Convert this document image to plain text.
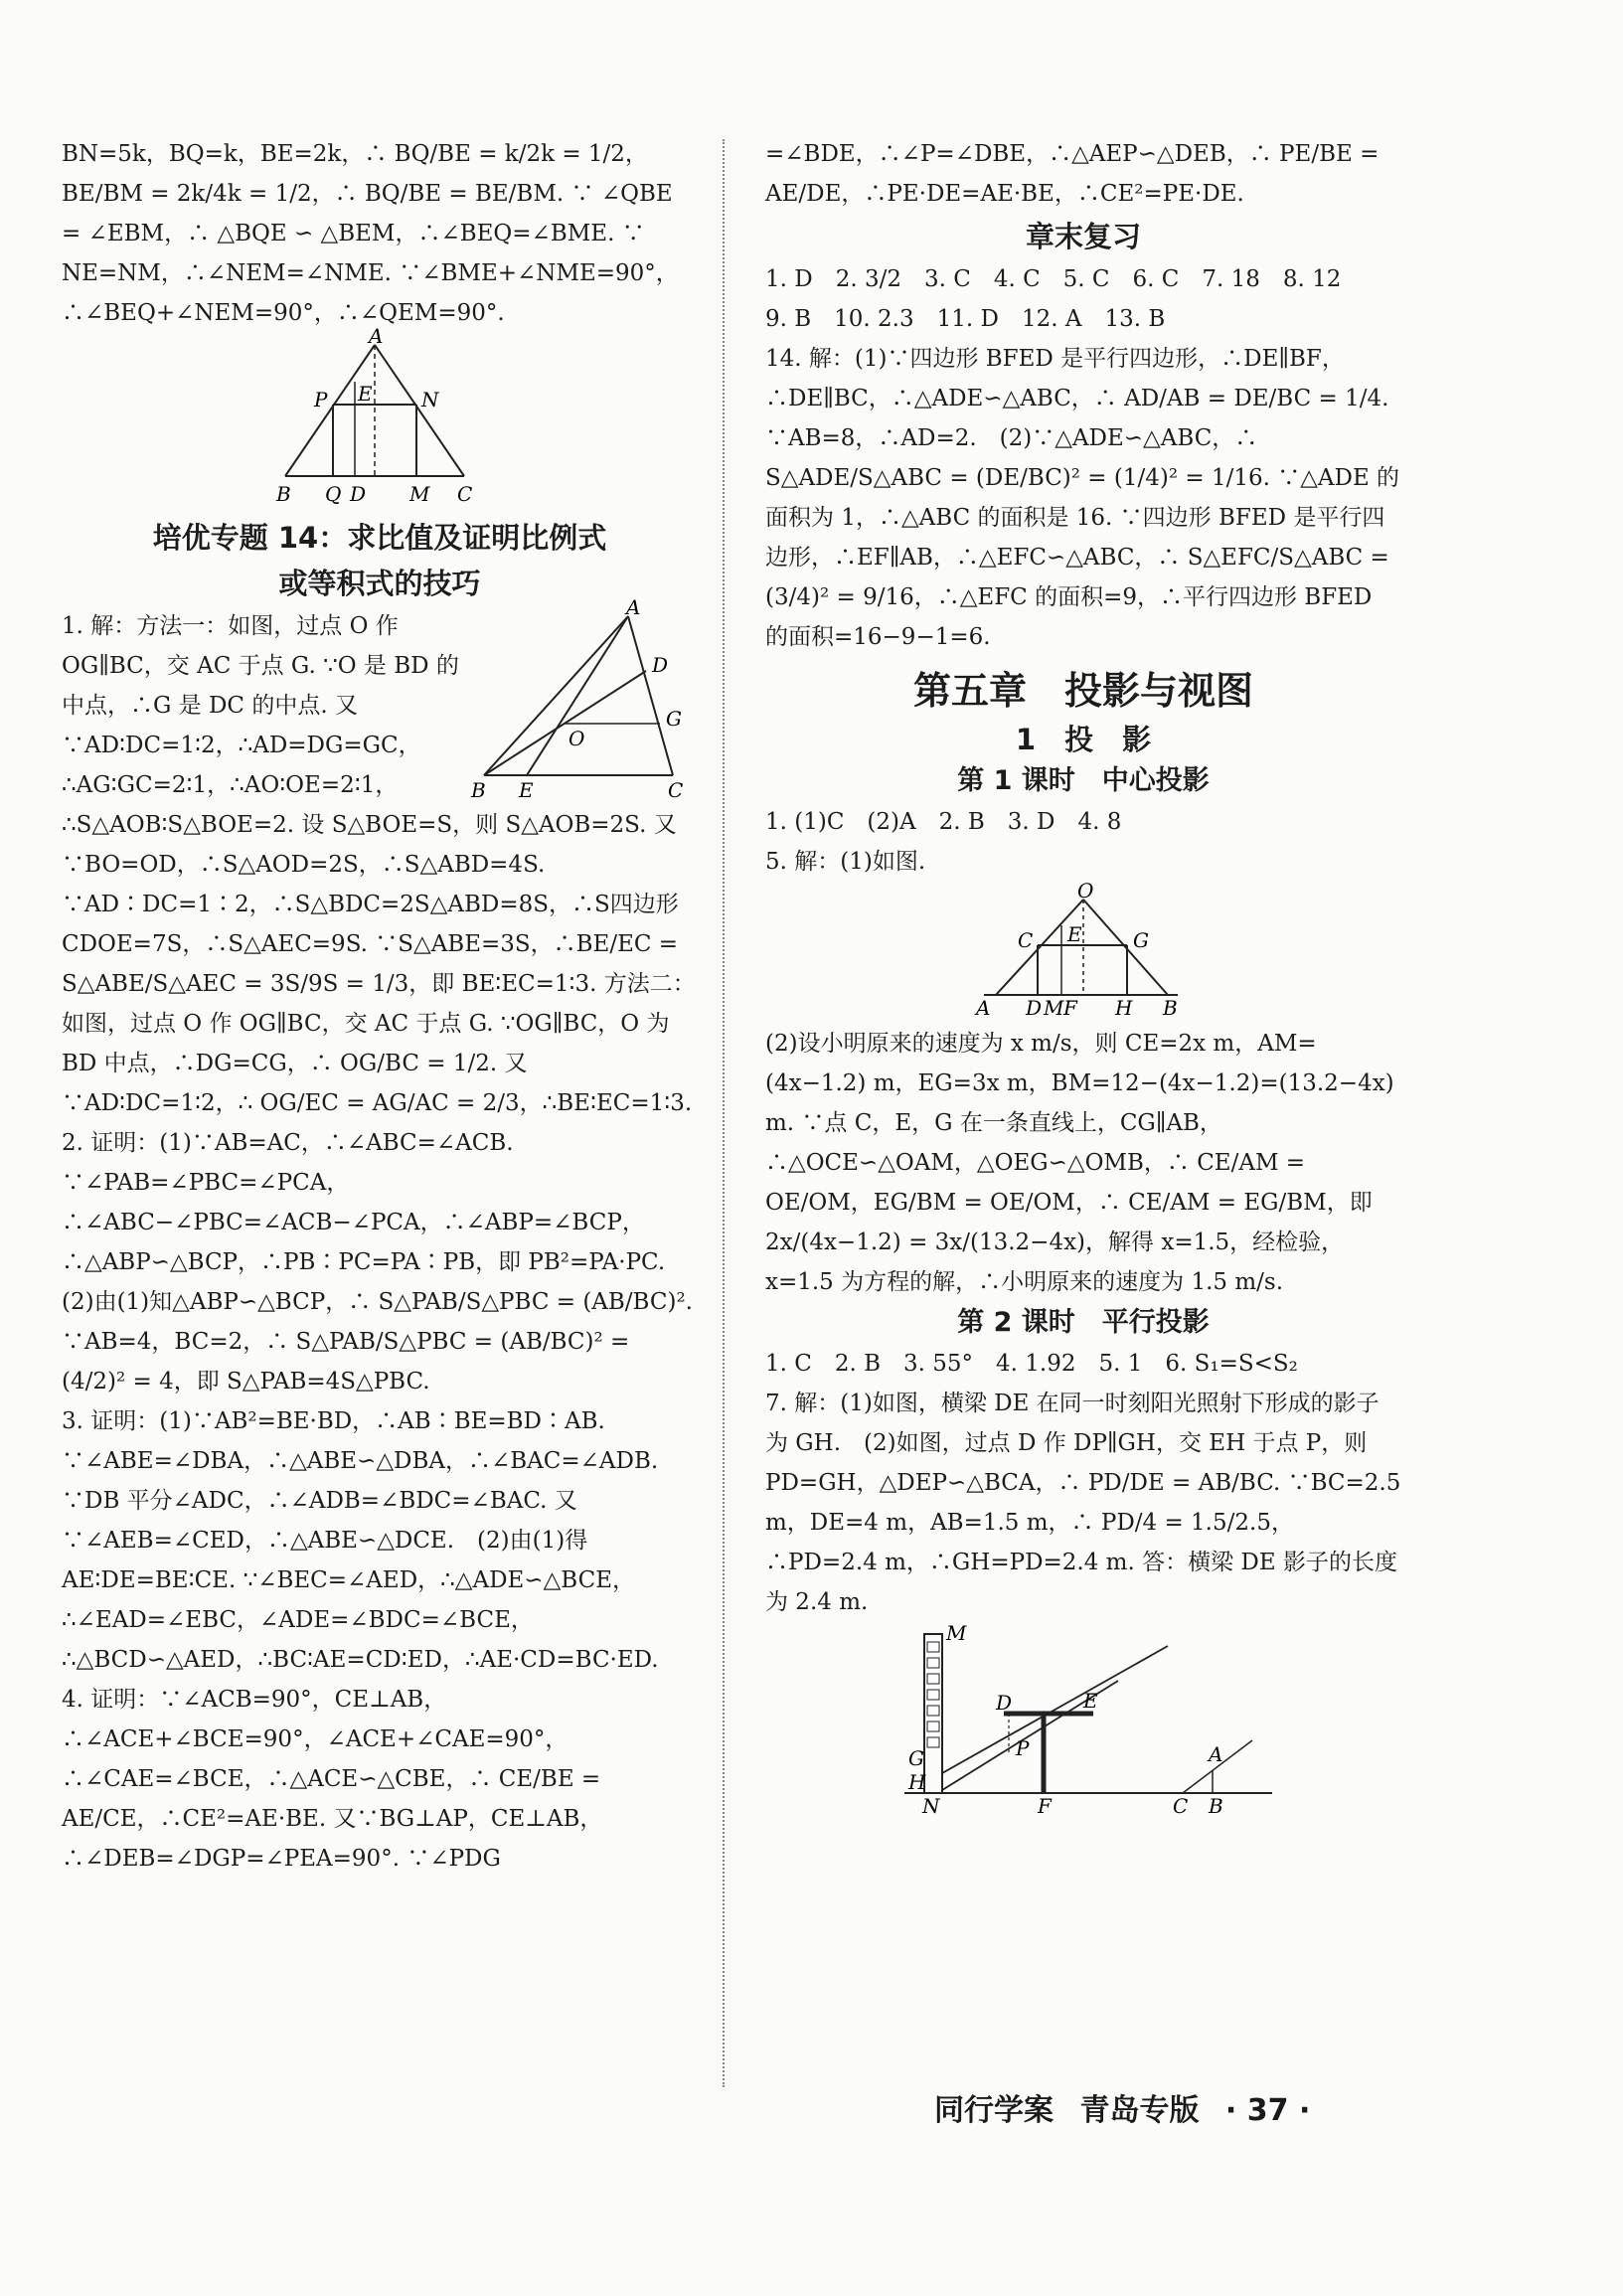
BN=5k，BQ=k，BE=2k，∴ BQ/BE = k/2k = 1/2，BE/BM = 2k/4k = 1/2，∴ BQ/BE = BE/BM. ∵ ∠QBE = ∠EBM，∴ △BQE ∽ △BEM，∴∠BEQ=∠BME. ∵ NE=NM，∴∠NEM=∠NME. ∵∠BME+∠NME=90°，∴∠BEQ+∠NEM=90°，∴∠QEM=90°.

A
P E N
B Q D M C

培优专题 14：求比值及证明比例式

或等积式的技巧

A
D
G
O
B E	C

1. 解：方法一：如图，过点 O 作 OG∥BC，交 AC 于点 G. ∵O 是 BD 的中点，∴G 是 DC 的中点. 又∵AD∶DC=1∶2，∴AD=DG=GC，∴AG∶GC=2∶1，∴AO∶OE=2∶1，∴S△AOB∶S△BOE=2. 设 S△BOE=S，则 S△AOB=2S. 又∵BO=OD，∴S△AOD=2S，∴S△ABD=4S. ∵AD∶DC=1∶2，∴S△BDC=2S△ABD=8S，∴S四边形CDOE=7S，∴S△AEC=9S. ∵S△ABE=3S，∴BE/EC = S△ABE/S△AEC = 3S/9S = 1/3，即 BE∶EC=1∶3. 方法二：如图，过点 O 作 OG∥BC，交 AC 于点 G. ∵OG∥BC，O 为 BD 中点，∴DG=CG，∴ OG/BC = 1/2. 又∵AD∶DC=1∶2，∴ OG/EC = AG/AC = 2/3，∴BE∶EC=1∶3.

2. 证明：(1)∵AB=AC，∴∠ABC=∠ACB. ∵∠PAB=∠PBC=∠PCA，∴∠ABC−∠PBC=∠ACB−∠PCA，∴∠ABP=∠BCP，∴△ABP∽△BCP，∴PB∶PC=PA∶PB，即 PB²=PA·PC.　(2)由(1)知△ABP∽△BCP，∴ S△PAB/S△PBC = (AB/BC)². ∵AB=4，BC=2，∴ S△PAB/S△PBC = (AB/BC)² = (4/2)² = 4，即 S△PAB=4S△PBC.

3. 证明：(1)∵AB²=BE·BD，∴AB∶BE=BD∶AB. ∵∠ABE=∠DBA，∴△ABE∽△DBA，∴∠BAC=∠ADB. ∵DB 平分∠ADC，∴∠ADB=∠BDC=∠BAC. 又∵∠AEB=∠CED，∴△ABE∽△DCE.　(2)由(1)得 AE∶DE=BE∶CE. ∵∠BEC=∠AED，∴△ADE∽△BCE，∴∠EAD=∠EBC，∠ADE=∠BDC=∠BCE，∴△BCD∽△AED，∴BC∶AE=CD∶ED，∴AE·CD=BC·ED.

4. 证明：∵∠ACB=90°，CE⊥AB，∴∠ACE+∠BCE=90°，∠ACE+∠CAE=90°，∴∠CAE=∠BCE，∴△ACE∽△CBE，∴ CE/BE = AE/CE，∴CE²=AE·BE. 又∵BG⊥AP，CE⊥AB，∴∠DEB=∠DGP=∠PEA=90°. ∵∠PDG

=∠BDE，∴∠P=∠DBE，∴△AEP∽△DEB，∴ PE/BE = AE/DE，∴PE·DE=AE·BE，∴CE²=PE·DE.

章末复习

1. D　2. 3/2　3. C　4. C　5. C　6. C　7. 18　8. 12

9. B　10. 2.3　11. D　12. A　13. B

14. 解：(1)∵四边形 BFED 是平行四边形，∴DE∥BF，∴DE∥BC，∴△ADE∽△ABC，∴ AD/AB = DE/BC = 1/4. ∵AB=8，∴AD=2.　(2)∵△ADE∽△ABC，∴ S△ADE/S△ABC = (DE/BC)² = (1/4)² = 1/16. ∵△ADE 的面积为 1，∴△ABC 的面积是 16. ∵四边形 BFED 是平行四边形，∴EF∥AB，∴△EFC∽△ABC，∴ S△EFC/S△ABC = (3/4)² = 9/16，∴△EFC 的面积=9，∴平行四边形 BFED 的面积=16−9−1=6.

第五章　投影与视图

1　投　影

第 1 课时　中心投影

1. (1)C　(2)A　2. B　3. D　4. 8

5. 解：(1)如图.

O
C E	G
A D M F H B

(2)设小明原来的速度为 x m/s，则 CE=2x m，AM=(4x−1.2) m，EG=3x m，BM=12−(4x−1.2)=(13.2−4x) m. ∵点 C，E，G 在一条直线上，CG∥AB，∴△OCE∽△OAM，△OEG∽△OMB，∴ CE/AM = OE/OM，EG/BM = OE/OM，∴ CE/AM = EG/BM，即 2x/(4x−1.2) = 3x/(13.2−4x)，解得 x=1.5，经检验，x=1.5 为方程的解，∴小明原来的速度为 1.5 m/s.

第 2 课时　平行投影

1. C　2. B　3. 55°　4. 1.92　5. 1　6. S₁=S<S₂

7. 解：(1)如图，横梁 DE 在同一时刻阳光照射下形成的影子为 GH.　(2)如图，过点 D 作 DP∥GH，交 EH 于点 P，则 PD=GH，△DEP∽△BCA，∴ PD/DE = AB/BC. ∵BC=2.5 m，DE=4 m，AB=1.5 m，∴ PD/4 = 1.5/2.5，∴PD=2.4 m，∴GH=PD=2.4 m. 答：横梁 DE 影子的长度为 2.4 m.

M
D	E
G	P
H
N	F
A
C B
同行学案 青岛专版 · 37 ·
